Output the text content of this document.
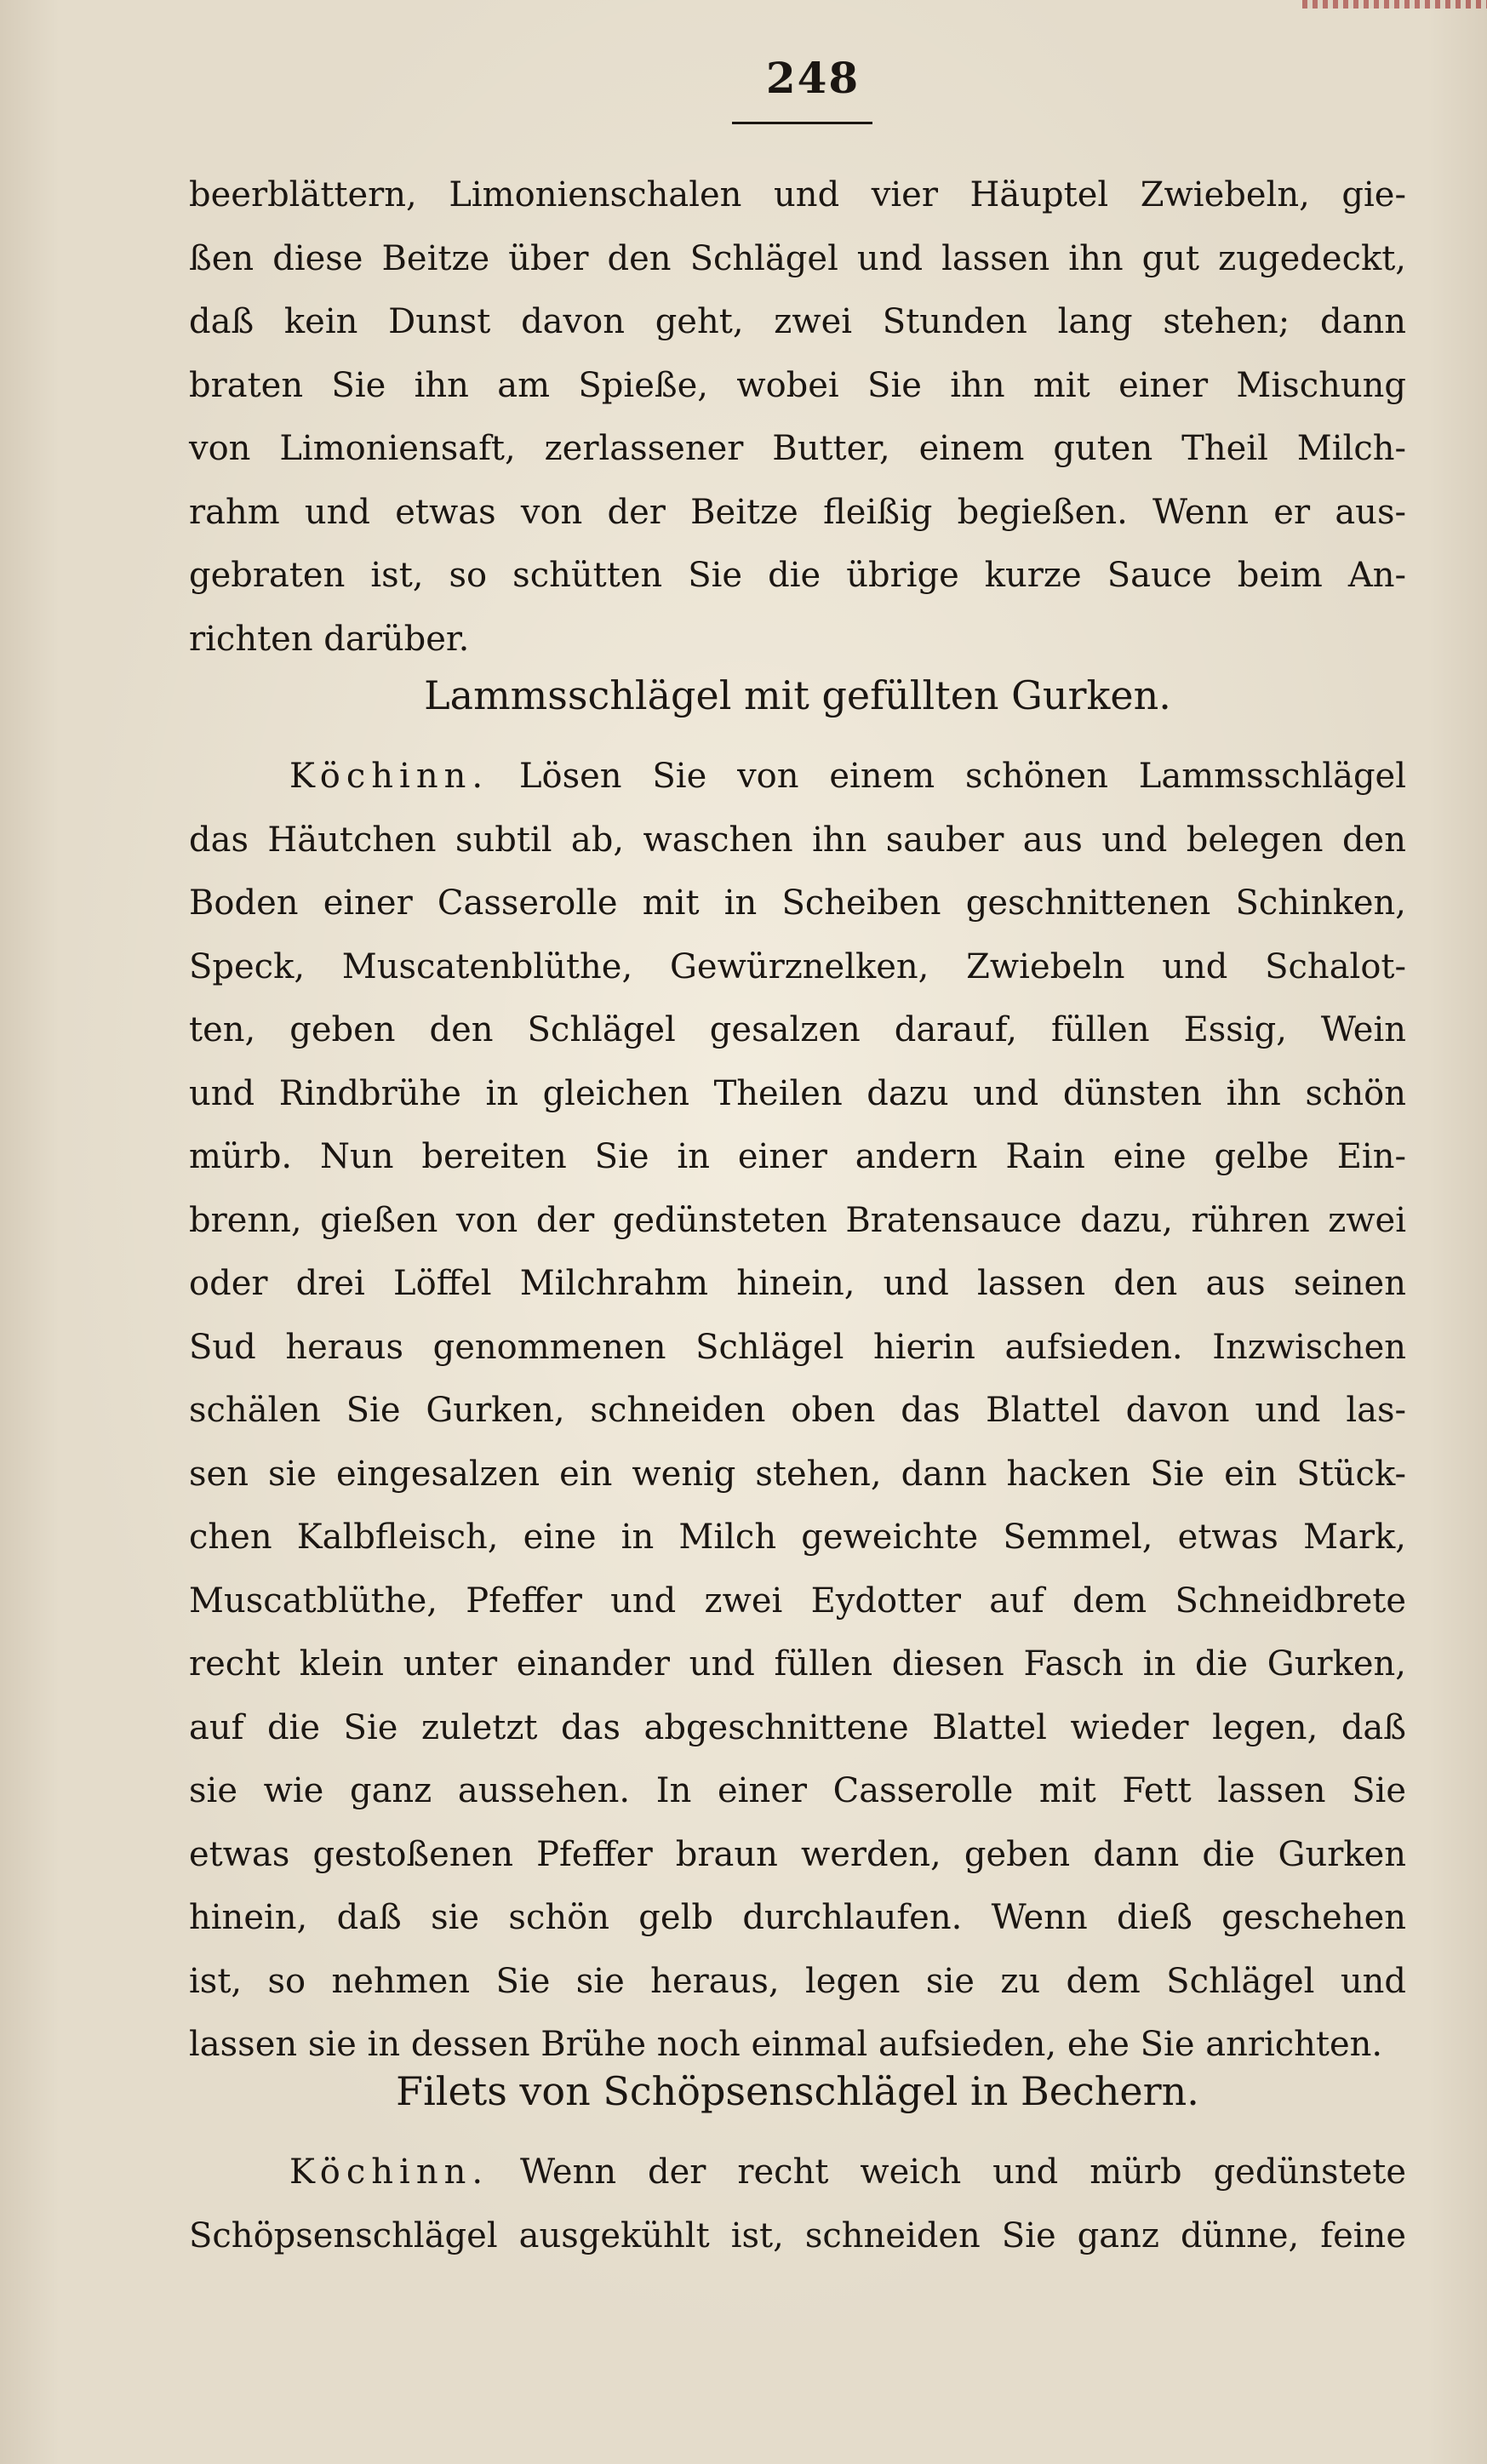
248
beerblättern, Limonienschalen und vier Häuptel Zwiebeln, gie-
ßen diese Beitze über den Schlägel und lassen ihn gut zugedeckt,
daß kein Dunst davon geht, zwei Stunden lang stehen; dann
braten Sie ihn am Spieße, wobei Sie ihn mit einer Mischung
von Limoniensaft, zerlassener Butter, einem guten Theil Milch-
rahm und etwas von der Beitze fleißig begießen. Wenn er aus-
gebraten ist, so schütten Sie die übrige kurze Sauce beim An-
richten darüber.
Lammsschlägel mit gefüllten Gurken.
Köchinn. Lösen Sie von einem schönen Lammsschlägel
das Häutchen subtil ab, waschen ihn sauber aus und belegen den
Boden einer Casserolle mit in Scheiben geschnittenen Schinken,
Speck, Muscatenblüthe, Gewürznelken, Zwiebeln und Schalot-
ten, geben den Schlägel gesalzen darauf, füllen Essig, Wein
und Rindbrühe in gleichen Theilen dazu und dünsten ihn schön
mürb. Nun bereiten Sie in einer andern Rain eine gelbe Ein-
brenn, gießen von der gedünsteten Bratensauce dazu, rühren zwei
oder drei Löffel Milchrahm hinein, und lassen den aus seinen
Sud heraus genommenen Schlägel hierin aufsieden. Inzwischen
schälen Sie Gurken, schneiden oben das Blattel davon und las-
sen sie eingesalzen ein wenig stehen, dann hacken Sie ein Stück-
chen Kalbfleisch, eine in Milch geweichte Semmel, etwas Mark,
Muscatblüthe, Pfeffer und zwei Eydotter auf dem Schneidbrete
recht klein unter einander und füllen diesen Fasch in die Gurken,
auf die Sie zuletzt das abgeschnittene Blattel wieder legen, daß
sie wie ganz aussehen. In einer Casserolle mit Fett lassen Sie
etwas gestoßenen Pfeffer braun werden, geben dann die Gurken
hinein, daß sie schön gelb durchlaufen. Wenn dieß geschehen
ist, so nehmen Sie sie heraus, legen sie zu dem Schlägel und
lassen sie in dessen Brühe noch einmal aufsieden, ehe Sie anrichten.
Filets von Schöpsenschlägel in Bechern.
Köchinn. Wenn der recht weich und mürb gedünstete
Schöpsenschlägel ausgekühlt ist, schneiden Sie ganz dünne, feine
